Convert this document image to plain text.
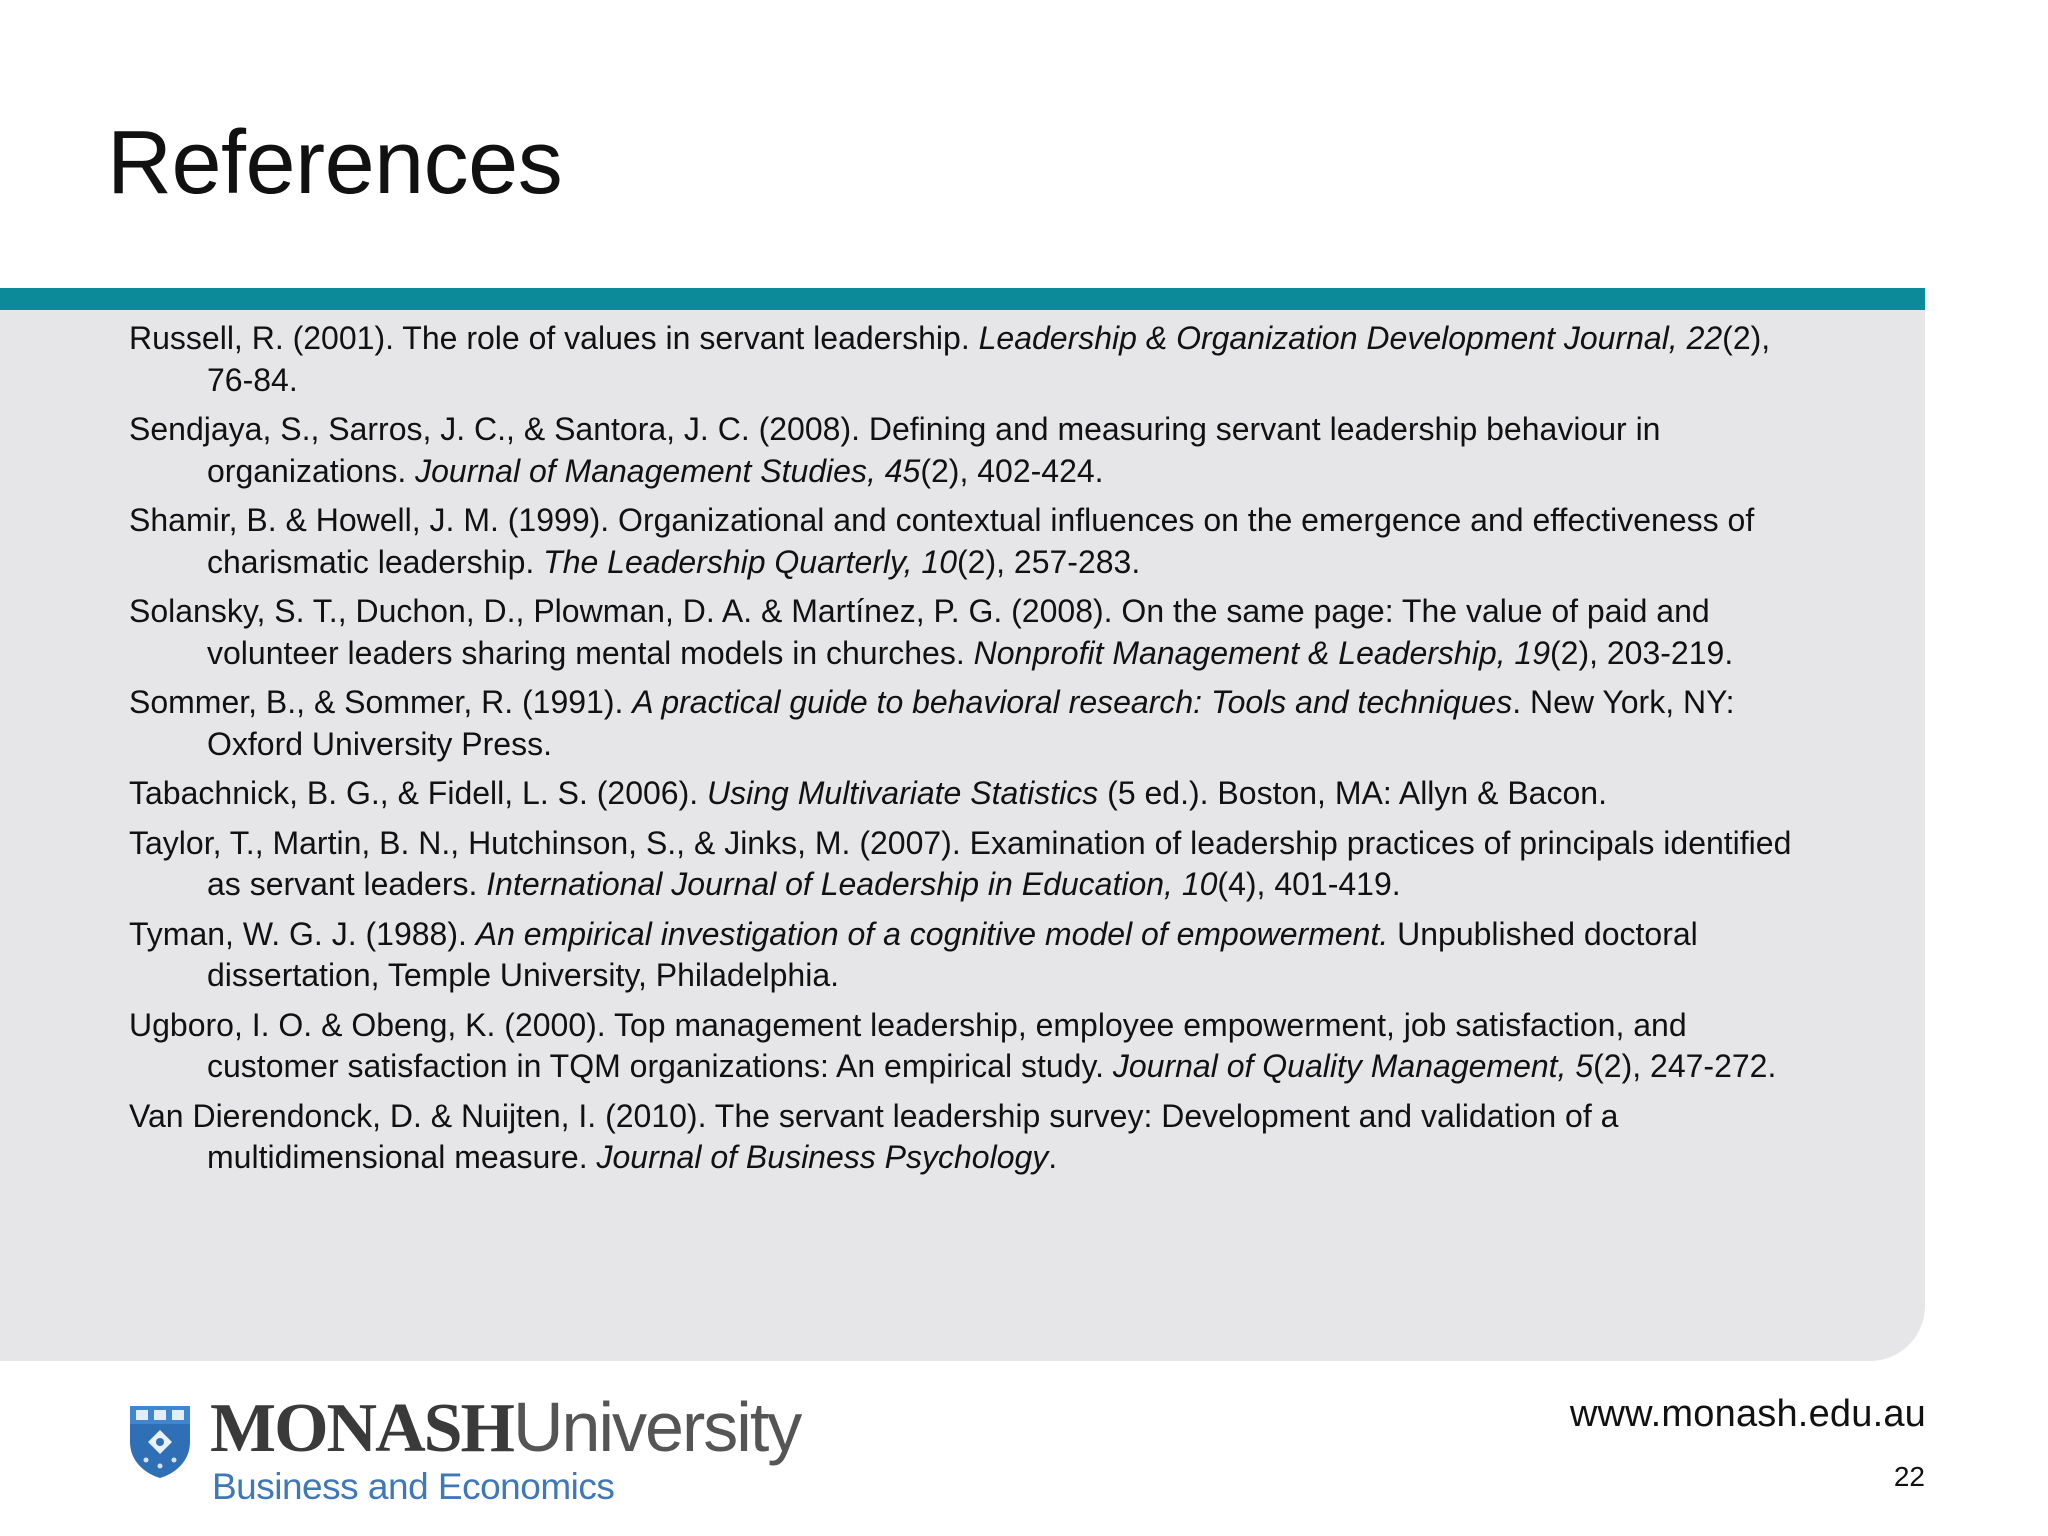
References
Russell, R. (2001). The role of values in servant leadership. Leadership & Organization Development Journal, 22(2), 76-84.
Sendjaya, S., Sarros, J. C., & Santora, J. C. (2008). Defining and measuring servant leadership behaviour in organizations. Journal of Management Studies, 45(2), 402-424.
Shamir, B. & Howell, J. M. (1999). Organizational and contextual influences on the emergence and effectiveness of charismatic leadership. The Leadership Quarterly, 10(2), 257-283.
Solansky, S. T., Duchon, D., Plowman, D. A. & Martínez, P. G. (2008). On the same page: The value of paid and volunteer leaders sharing mental models in churches. Nonprofit Management & Leadership, 19(2), 203-219.
Sommer, B., & Sommer, R. (1991). A practical guide to behavioral research: Tools and techniques. New York, NY: Oxford University Press.
Tabachnick, B. G., & Fidell, L. S. (2006). Using Multivariate Statistics (5 ed.). Boston, MA: Allyn & Bacon.
Taylor, T., Martin, B. N., Hutchinson, S., & Jinks, M. (2007). Examination of leadership practices of principals identified as servant leaders. International Journal of Leadership in Education, 10(4), 401-419.
Tyman, W. G. J. (1988). An empirical investigation of a cognitive model of empowerment. Unpublished doctoral dissertation, Temple University, Philadelphia.
Ugboro, I. O. & Obeng, K. (2000). Top management leadership, employee empowerment, job satisfaction, and customer satisfaction in TQM organizations: An empirical study. Journal of Quality Management, 5(2), 247-272.
Van Dierendonck, D. & Nuijten, I. (2010). The servant leadership survey: Development and validation of a multidimensional measure. Journal of Business Psychology.
MONASHUniversity
Business and Economics
www.monash.edu.au
22
